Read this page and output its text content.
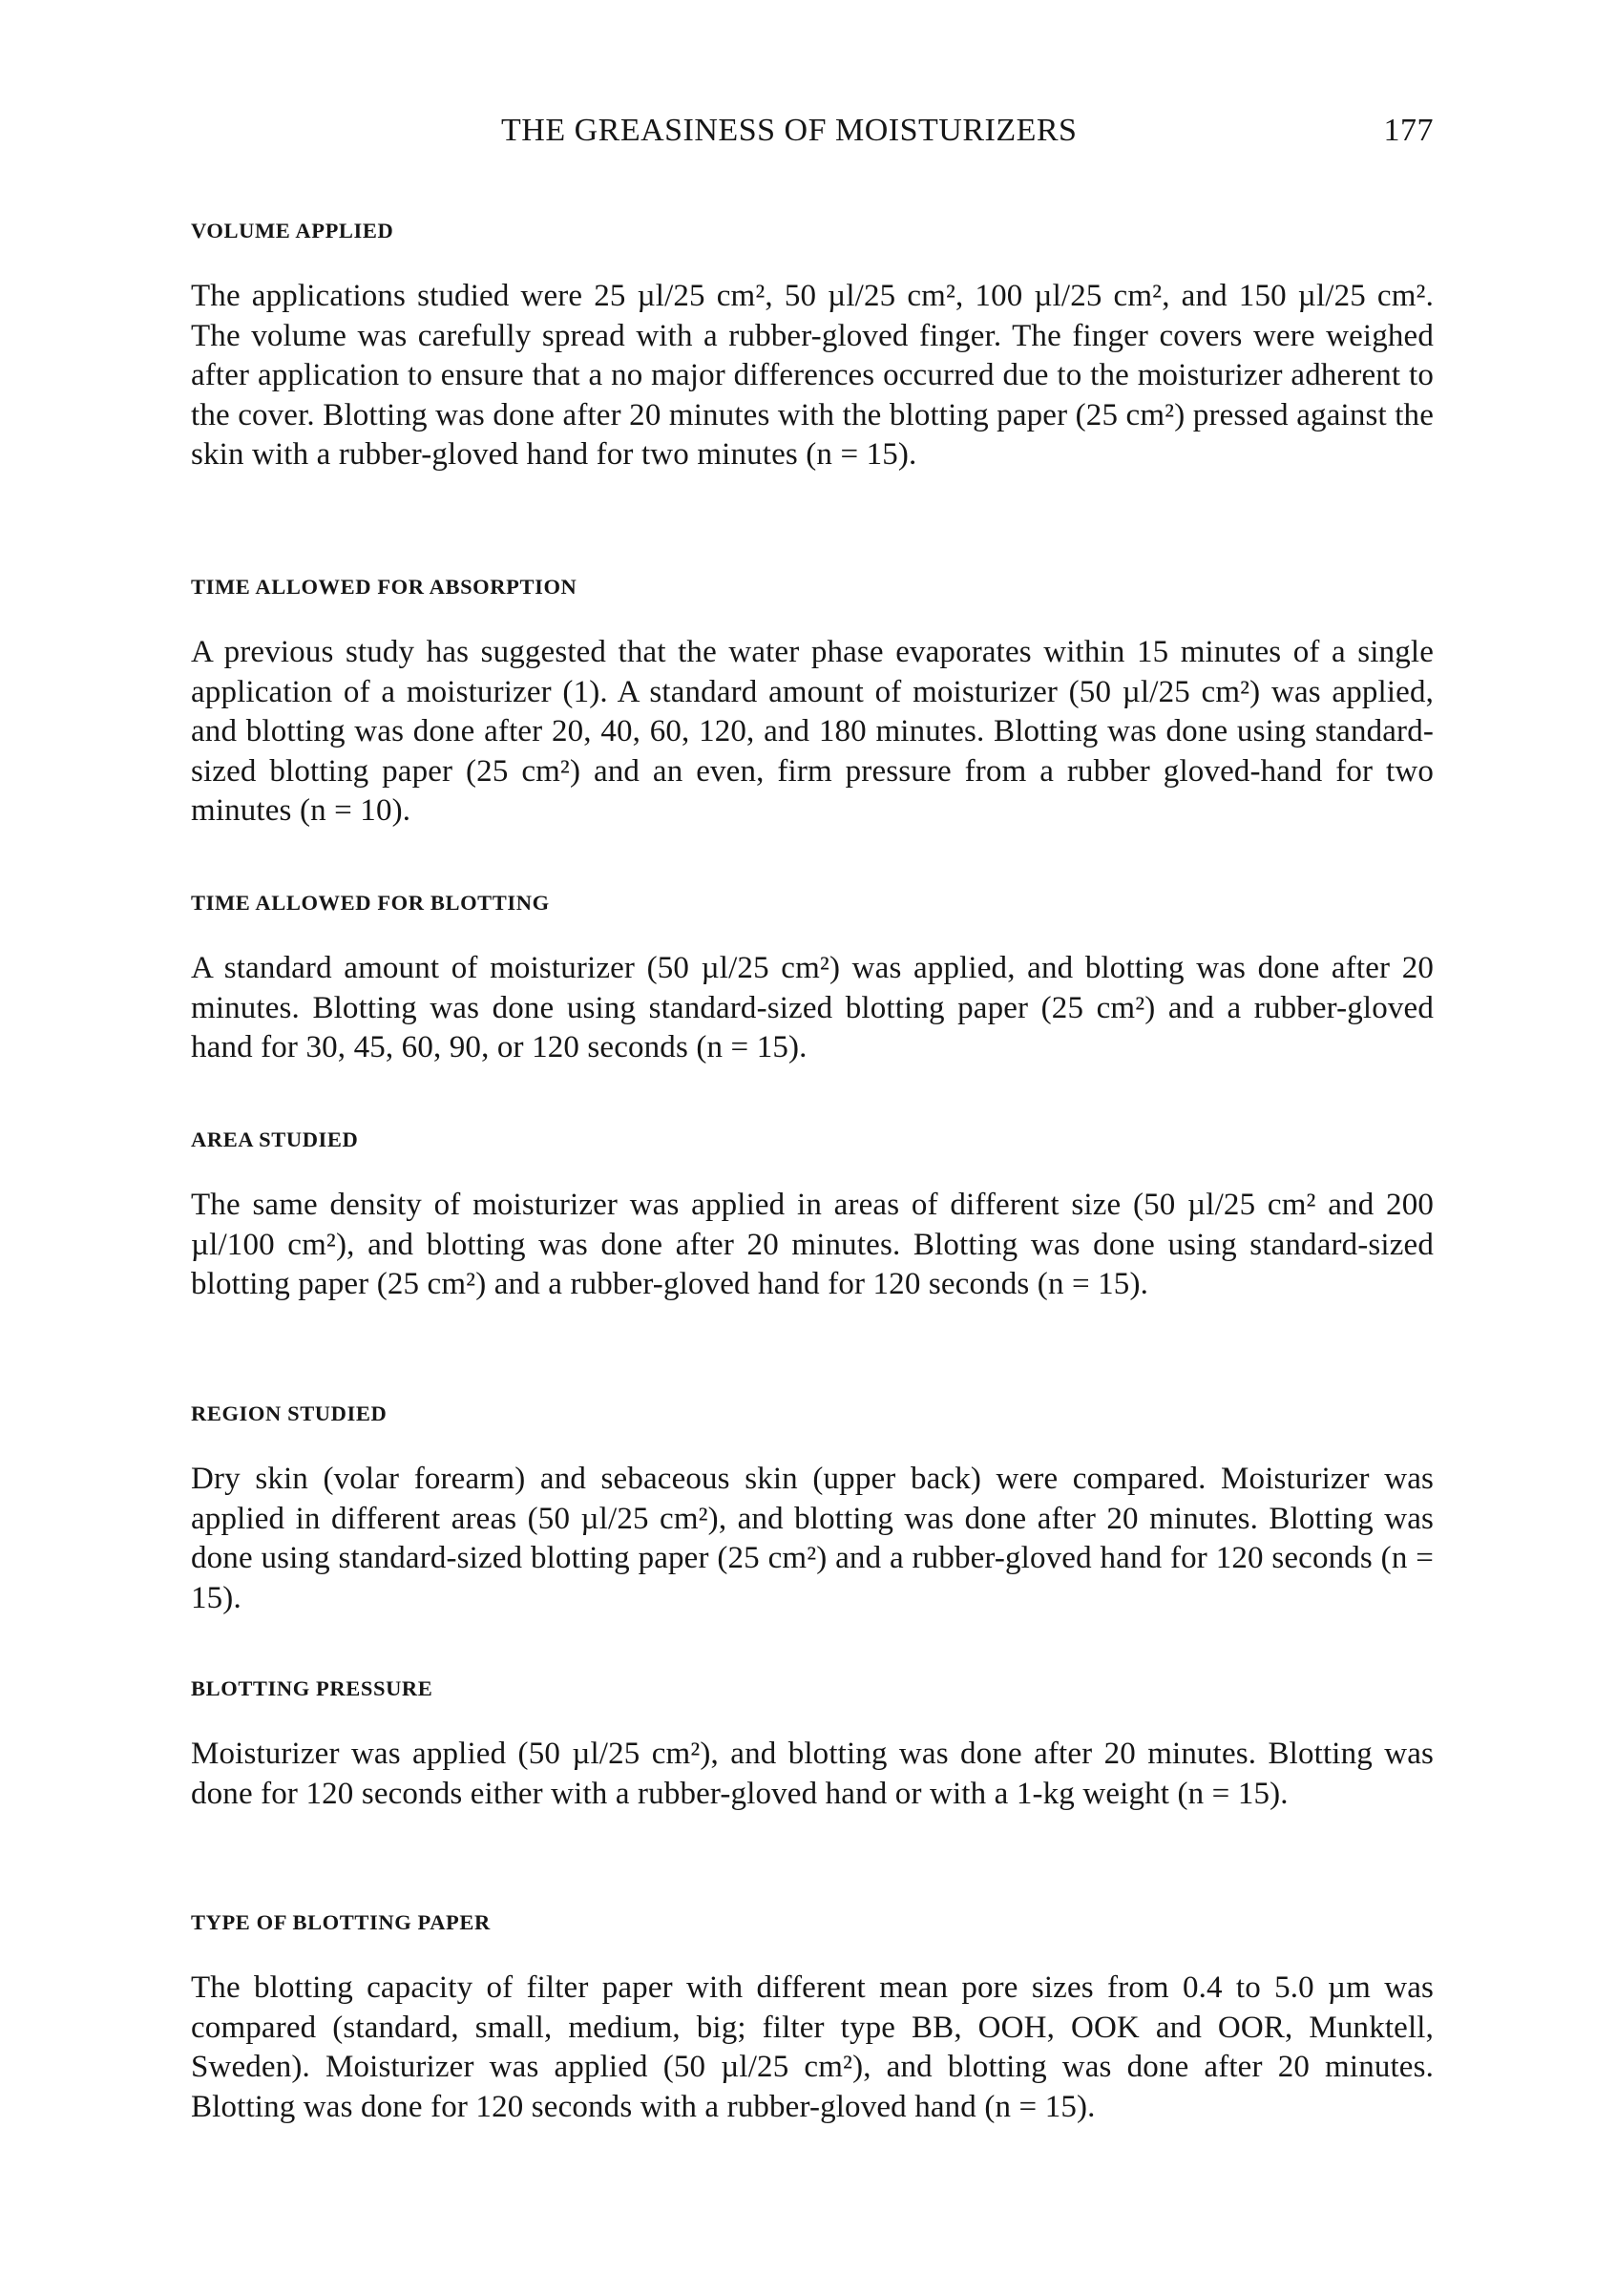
THE GREASINESS OF MOISTURIZERS	177
VOLUME APPLIED

The applications studied were 25 µl/25 cm², 50 µl/25 cm², 100 µl/25 cm², and 150 µl/25 cm². The volume was carefully spread with a rubber-gloved finger. The finger covers were weighed after application to ensure that a no major differences occurred due to the moisturizer adherent to the cover. Blotting was done after 20 minutes with the blotting paper (25 cm²) pressed against the skin with a rubber-gloved hand for two minutes (n = 15).

TIME ALLOWED FOR ABSORPTION

A previous study has suggested that the water phase evaporates within 15 minutes of a single application of a moisturizer (1). A standard amount of moisturizer (50 µl/25 cm²) was applied, and blotting was done after 20, 40, 60, 120, and 180 minutes. Blotting was done using standard-sized blotting paper (25 cm²) and an even, firm pressure from a rubber gloved-hand for two minutes (n = 10).

TIME ALLOWED FOR BLOTTING

A standard amount of moisturizer (50 µl/25 cm²) was applied, and blotting was done after 20 minutes. Blotting was done using standard-sized blotting paper (25 cm²) and a rubber-gloved hand for 30, 45, 60, 90, or 120 seconds (n = 15).

AREA STUDIED

The same density of moisturizer was applied in areas of different size (50 µl/25 cm² and 200 µl/100 cm²), and blotting was done after 20 minutes. Blotting was done using standard-sized blotting paper (25 cm²) and a rubber-gloved hand for 120 seconds (n = 15).

REGION STUDIED

Dry skin (volar forearm) and sebaceous skin (upper back) were compared. Moisturizer was applied in different areas (50 µl/25 cm²), and blotting was done after 20 minutes. Blotting was done using standard-sized blotting paper (25 cm²) and a rubber-gloved hand for 120 seconds (n = 15).

BLOTTING PRESSURE

Moisturizer was applied (50 µl/25 cm²), and blotting was done after 20 minutes. Blotting was done for 120 seconds either with a rubber-gloved hand or with a 1-kg weight (n = 15).

TYPE OF BLOTTING PAPER

The blotting capacity of filter paper with different mean pore sizes from 0.4 to 5.0 µm was compared (standard, small, medium, big; filter type BB, OOH, OOK and OOR, Munktell, Sweden). Moisturizer was applied (50 µl/25 cm²), and blotting was done after 20 minutes. Blotting was done for 120 seconds with a rubber-gloved hand (n = 15).
